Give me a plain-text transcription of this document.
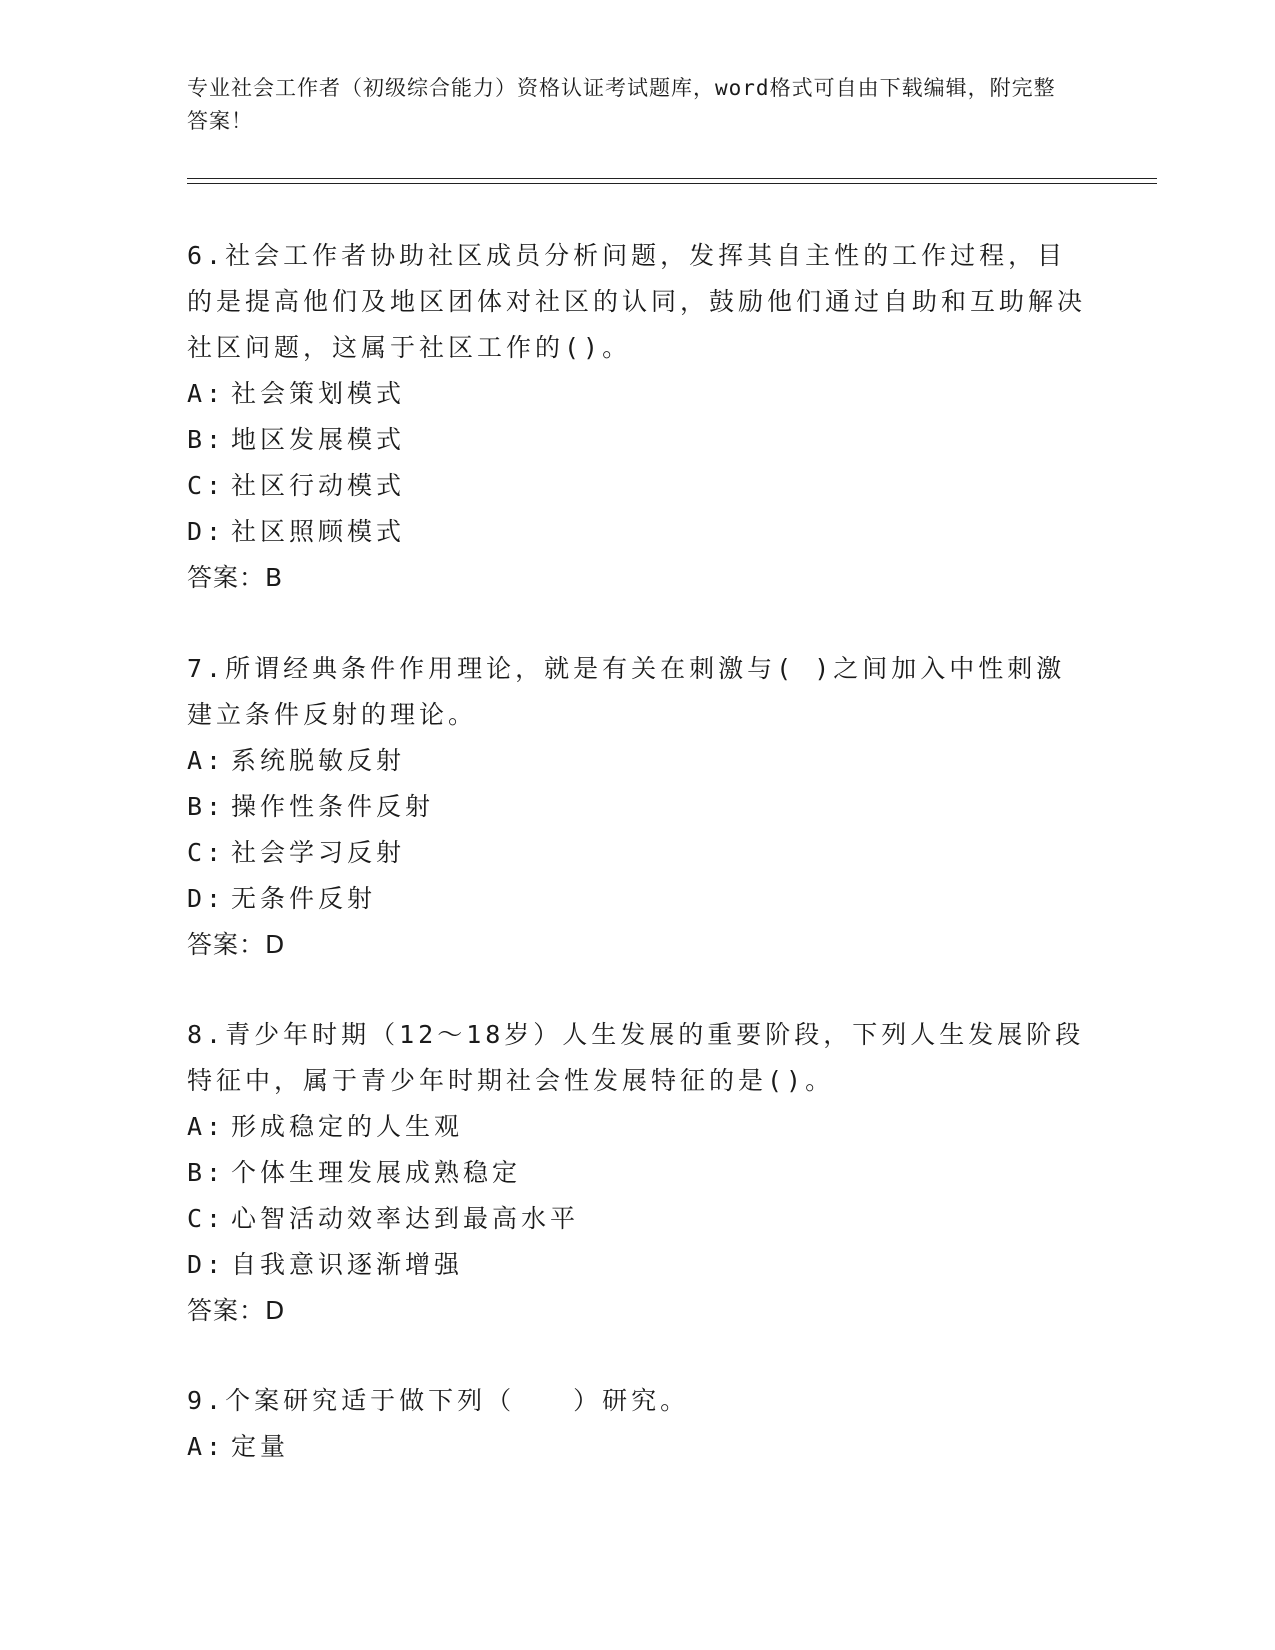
专业社会工作者（初级综合能力）资格认证考试题库，word格式可自由下载编辑，附完整答案！
6.社会工作者协助社区成员分析问题，发挥其自主性的工作过程，目的是提高他们及地区团体对社区的认同，鼓励他们通过自助和互助解决社区问题，这属于社区工作的()。
A: 社会策划模式
B: 地区发展模式
C: 社区行动模式
D: 社区照顾模式
答案：B
7.所谓经典条件作用理论，就是有关在刺激与( )之间加入中性刺激建立条件反射的理论。
A: 系统脱敏反射
B: 操作性条件反射
C: 社会学习反射
D: 无条件反射
答案：D
8.青少年时期（12～18岁）人生发展的重要阶段，下列人生发展阶段特征中，属于青少年时期社会性发展特征的是()。
A: 形成稳定的人生观
B: 个体生理发展成熟稳定
C: 心智活动效率达到最高水平
D: 自我意识逐渐增强
答案：D
9.个案研究适于做下列（　　）研究。
A: 定量
